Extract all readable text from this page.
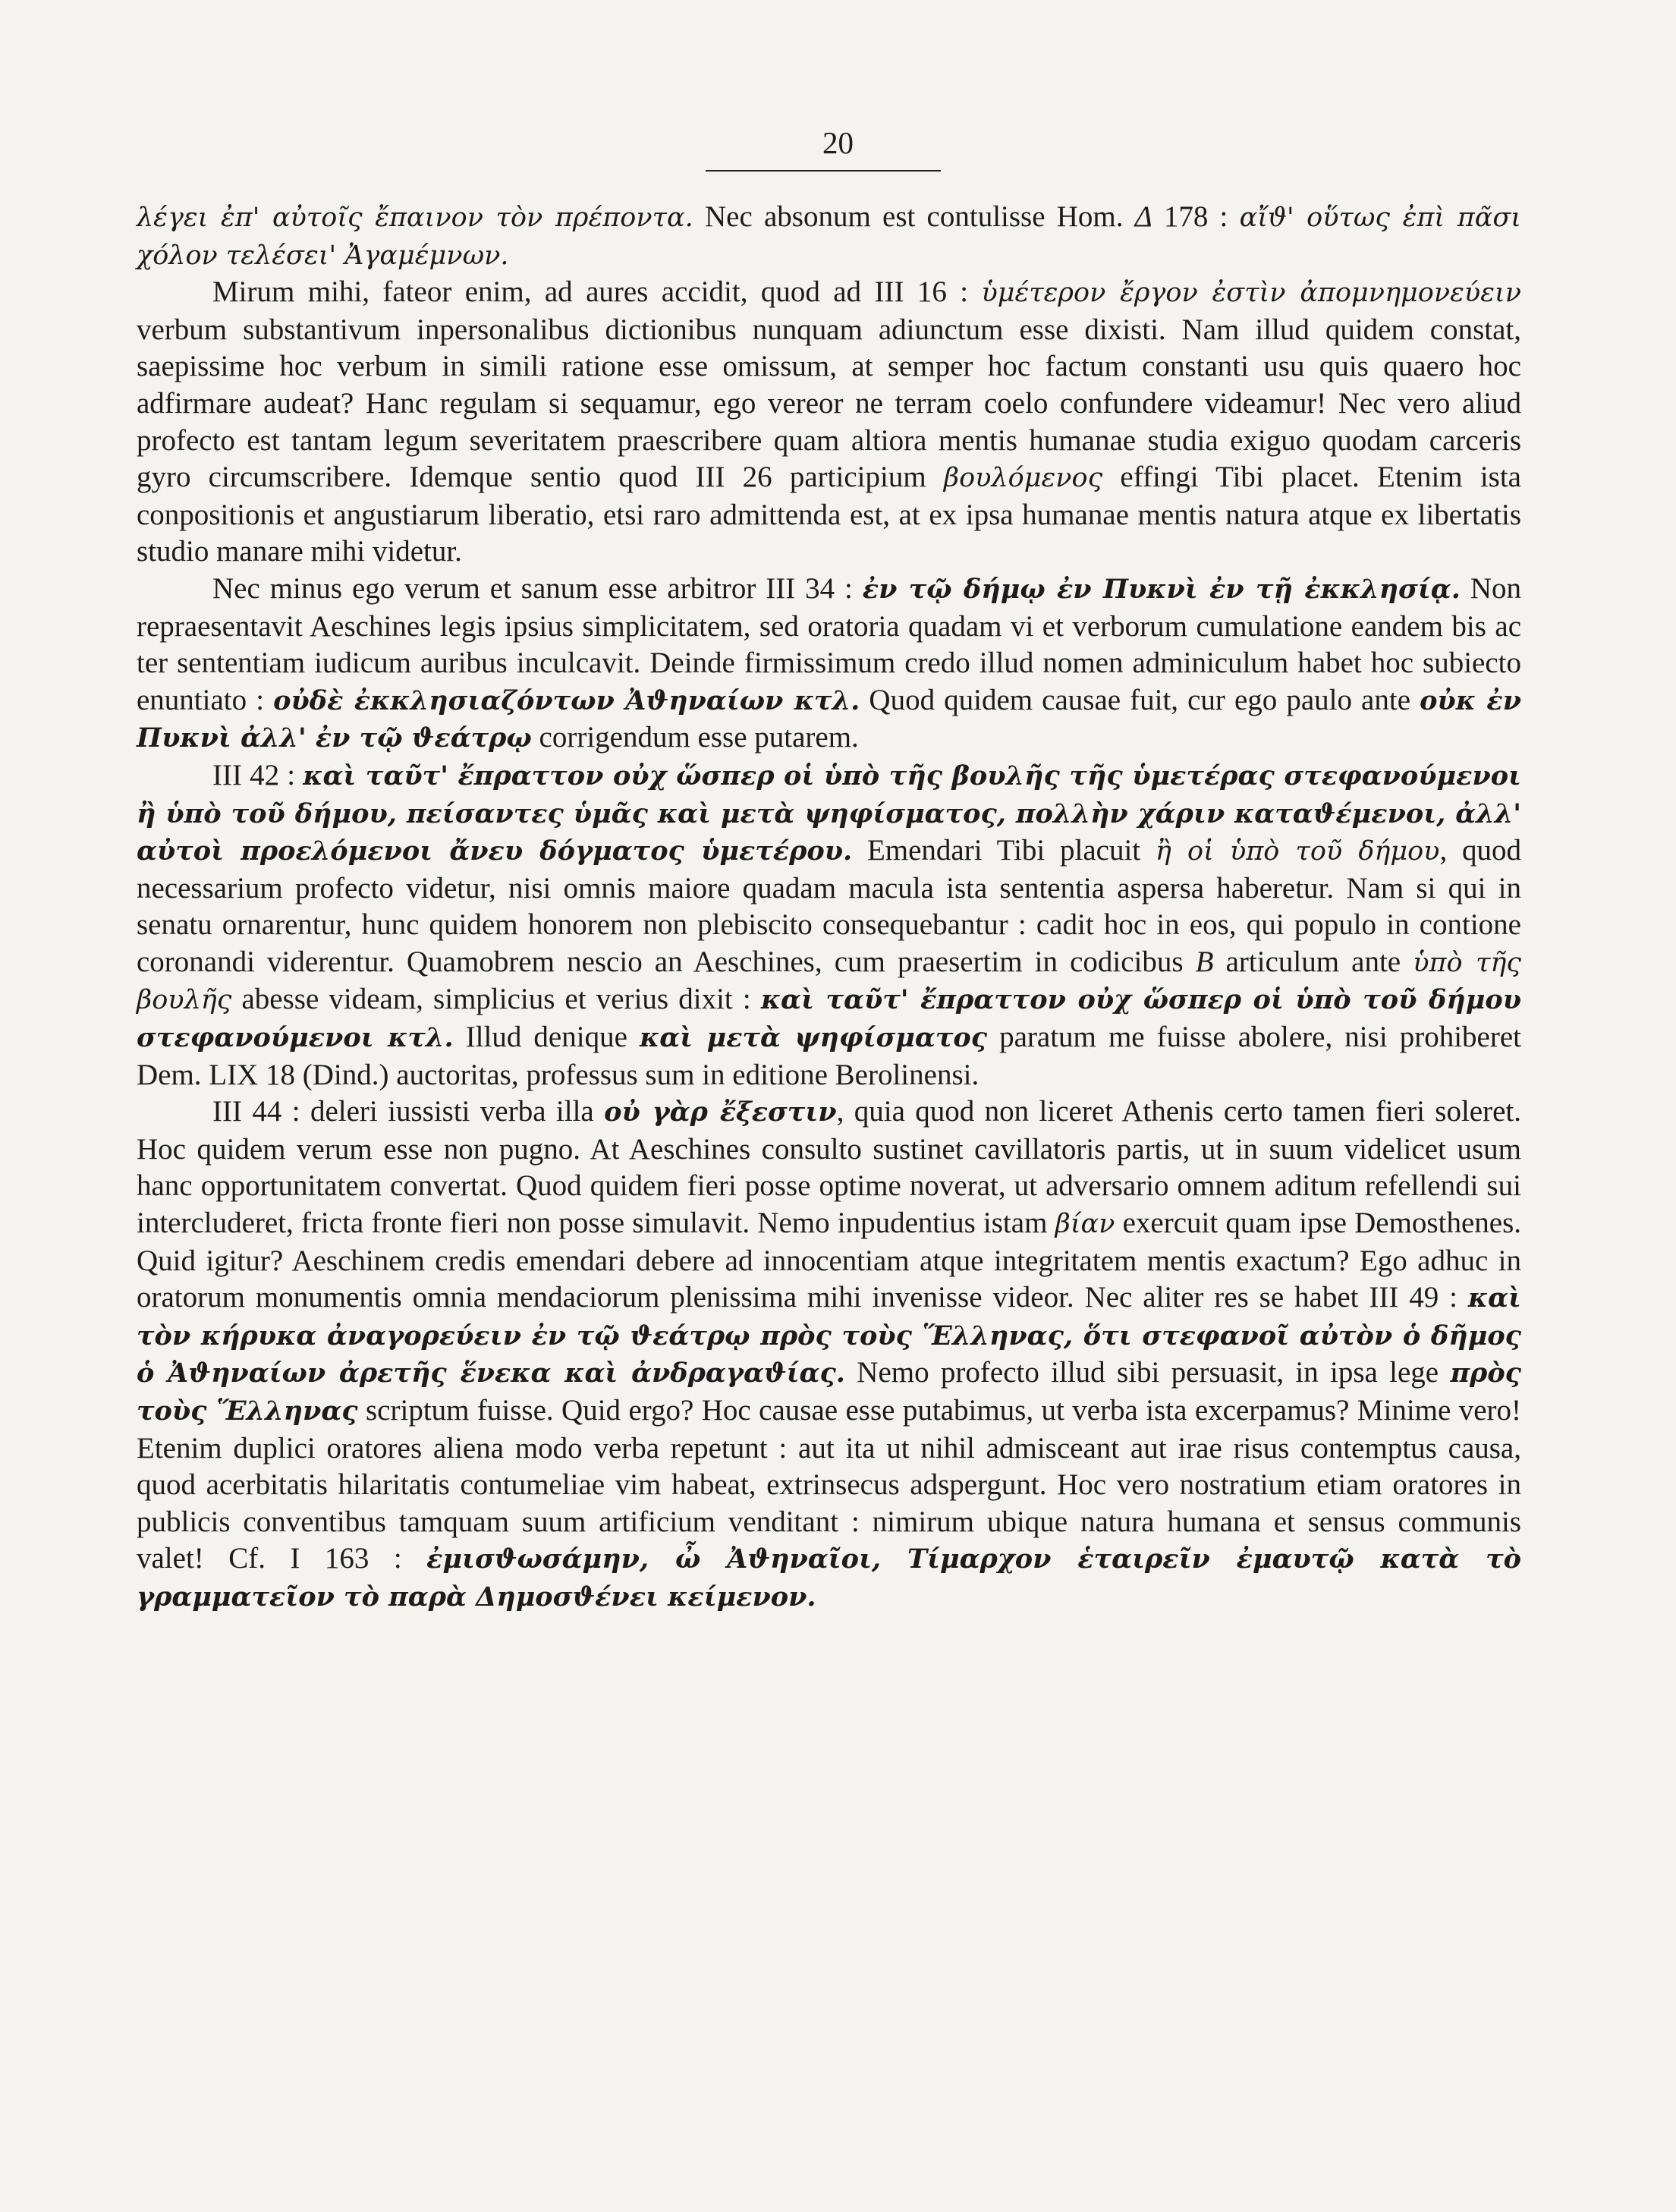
20

λέγει ἐπ' αὐτοῖς ἔπαινον τὸν πρέποντα. Nec absonum est contulisse Hom. Δ 178 : αἴϑ' οὕτως ἐπὶ πᾶσι χόλον τελέσει' Ἀγαμέμνων.

Mirum mihi, fateor enim, ad aures accidit, quod ad III 16 : ὑμέτερον ἔργον ἐστὶν ἀπομνημονεύειν verbum substantivum inpersonalibus dictionibus nunquam adiunctum esse dixisti. Nam illud quidem constat, saepissime hoc verbum in simili ratione esse omissum, at semper hoc factum constanti usu quis quaero hoc adfirmare audeat? Hanc regulam si sequamur, ego vereor ne terram coelo confundere videamur! Nec vero aliud profecto est tantam legum severitatem praescribere quam altiora mentis humanae studia exiguo quodam carceris gyro circumscribere. Idemque sentio quod III 26 participium βουλόμενος effingi Tibi placet. Etenim ista conpositionis et angustiarum liberatio, etsi raro admittenda est, at ex ipsa humanae mentis natura atque ex libertatis studio manare mihi videtur.

Nec minus ego verum et sanum esse arbitror III 34 : ἐν τῷ δήμῳ ἐν Πυκνὶ ἐν τῇ ἐκκλησίᾳ. Non repraesentavit Aeschines legis ipsius simplicitatem, sed oratoria quadam vi et verborum cumulatione eandem bis ac ter sententiam iudicum auribus inculcavit. Deinde firmissimum credo illud nomen adminiculum habet hoc subiecto enuntiato : οὐδὲ ἐκκλησιαζόντων Ἀϑηναίων κτλ. Quod quidem causae fuit, cur ego paulo ante οὐκ ἐν Πυκνὶ ἀλλ' ἐν τῷ ϑεάτρῳ corrigendum esse putarem.

III 42 : καὶ ταῦτ' ἔπραττον οὐχ ὥσπερ οἱ ὑπὸ τῆς βουλῆς τῆς ὑμετέρας στεφανούμενοι ἢ ὑπὸ τοῦ δήμου, πείσαντες ὑμᾶς καὶ μετὰ ψηφίσματος, πολλὴν χάριν καταϑέμενοι, ἀλλ' αὐτοὶ προελόμενοι ἄνευ δόγματος ὑμετέρου. Emendari Tibi placuit ἢ οἱ ὑπὸ τοῦ δήμου, quod necessarium profecto videtur, nisi omnis maiore quadam macula ista sententia aspersa haberetur. Nam si qui in senatu ornarentur, hunc quidem honorem non plebiscito consequebantur : cadit hoc in eos, qui populo in contione coronandi viderentur. Quamobrem nescio an Aeschines, cum praesertim in codicibus B articulum ante ὑπὸ τῆς βουλῆς abesse videam, simplicius et verius dixit : καὶ ταῦτ' ἔπραττον οὐχ ὥσπερ οἱ ὑπὸ τοῦ δήμου στεφανούμενοι κτλ. Illud denique καὶ μετὰ ψηφίσματος paratum me fuisse abolere, nisi prohiberet Dem. LIX 18 (Dind.) auctoritas, professus sum in editione Berolinensi.

III 44 : deleri iussisti verba illa οὐ γὰρ ἔξεστιν, quia quod non liceret Athenis certo tamen fieri soleret. Hoc quidem verum esse non pugno. At Aeschines consulto sustinet cavillatoris partis, ut in suum videlicet usum hanc opportunitatem convertat. Quod quidem fieri posse optime noverat, ut adversario omnem aditum refellendi sui intercluderet, fricta fronte fieri non posse simulavit. Nemo inpudentius istam βίαν exercuit quam ipse Demosthenes. Quid igitur? Aeschinem credis emendari debere ad innocentiam atque integritatem mentis exactum? Ego adhuc in oratorum monumentis omnia mendaciorum plenissima mihi invenisse videor. Nec aliter res se habet III 49 : καὶ τὸν κήρυκα ἀναγορεύειν ἐν τῷ ϑεάτρῳ πρὸς τοὺς Ἕλληνας, ὅτι στεφανοῖ αὐτὸν ὁ δῆμος ὁ Ἀϑηναίων ἀρετῆς ἕνεκα καὶ ἀνδραγαϑίας. Nemo profecto illud sibi persuasit, in ipsa lege πρὸς τοὺς Ἕλληνας scriptum fuisse. Quid ergo? Hoc causae esse putabimus, ut verba ista excerpamus? Minime vero! Etenim duplici oratores aliena modo verba repetunt : aut ita ut nihil admisceant aut irae risus contemptus causa, quod acerbitatis hilaritatis contumeliae vim habeat, extrinsecus adspergunt. Hoc vero nostratium etiam oratores in publicis conventibus tamquam suum artificium venditant : nimirum ubique natura humana et sensus communis valet! Cf. I 163 : ἐμισϑωσάμην, ὦ Ἀϑηναῖοι, Τίμαρχον ἑταιρεῖν ἐμαυτῷ κατὰ τὸ γραμματεῖον τὸ παρὰ Δημοσϑένει κείμενον.
